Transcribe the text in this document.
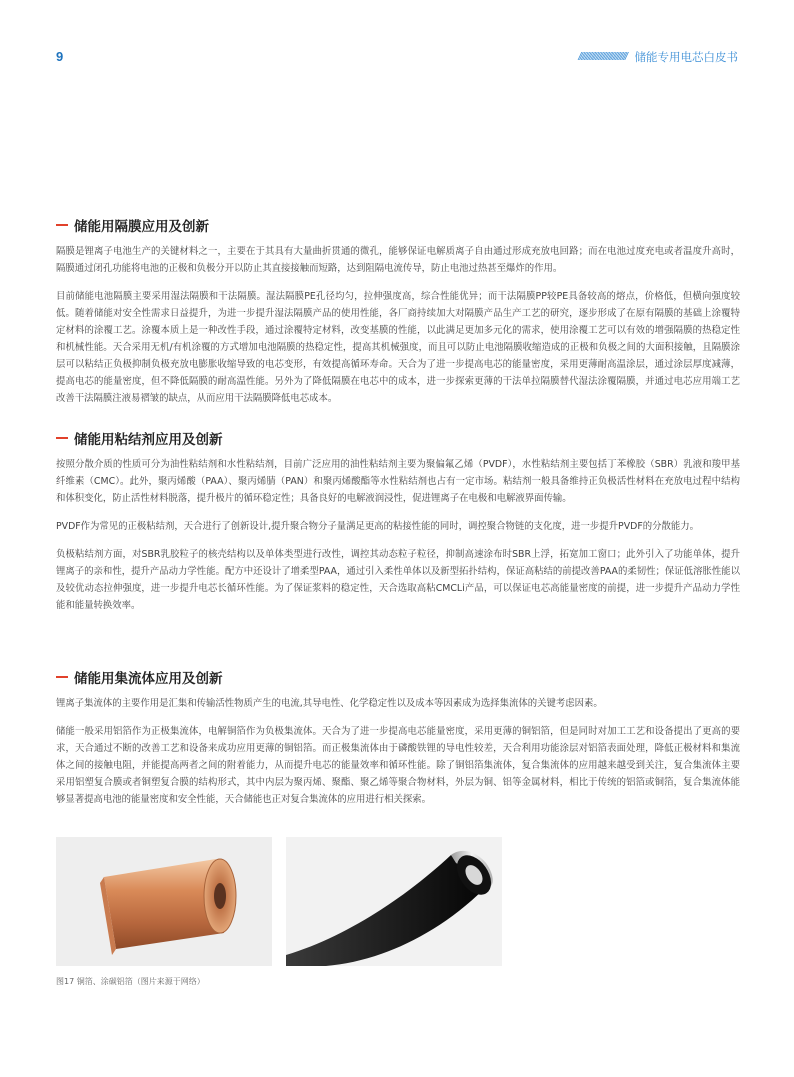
9	/////////////////////////////// 储能专用电芯白皮书
储能用隔膜应用及创新

隔膜是锂离子电池生产的关键材料之一，主要在于其具有大量曲折贯通的微孔，能够保证电解质离子自由通过形成充放电回路；而在电池过度充电或者温度升高时，隔膜通过闭孔功能将电池的正极和负极分开以防止其直接接触而短路，达到阻隔电流传导，防止电池过热甚至爆炸的作用。

目前储能电池隔膜主要采用湿法隔膜和干法隔膜。湿法隔膜PE孔径均匀，拉伸强度高，综合性能优异；而干法隔膜PP较PE具备较高的熔点，价格低，但横向强度较低。随着储能对安全性需求日益提升，为进一步提升湿法隔膜产品的使用性能，各厂商持续加大对隔膜产品生产工艺的研究，逐步形成了在原有隔膜的基础上涂覆特定材料的涂覆工艺。涂覆本质上是一种改性手段，通过涂覆特定材料，改变基膜的性能，以此满足更加多元化的需求，使用涂覆工艺可以有效的增强隔膜的热稳定性和机械性能。天合采用无机/有机涂覆的方式增加电池隔膜的热稳定性，提高其机械强度，而且可以防止电池隔膜收缩造成的正极和负极之间的大面积接触，且隔膜涂层可以粘结正负极抑制负极充放电膨胀收缩导致的电芯变形，有效提高循环寿命。天合为了进一步提高电芯的能量密度，采用更薄耐高温涂层，通过涂层厚度减薄，提高电芯的能量密度，但不降低隔膜的耐高温性能。另外为了降低隔膜在电芯中的成本，进一步探索更薄的干法单拉隔膜替代湿法涂覆隔膜，并通过电芯应用端工艺改善干法隔膜注液易褶皱的缺点，从而应用干法隔膜降低电芯成本。

储能用粘结剂应用及创新

按照分散介质的性质可分为油性粘结剂和水性粘结剂，目前广泛应用的油性粘结剂主要为聚偏氟乙烯（PVDF），水性粘结剂主要包括丁苯橡胶（SBR）乳液和羧甲基纤维素（CMC）。此外，聚丙烯酸（PAA）、聚丙烯腈（PAN）和聚丙烯酸酯等水性粘结剂也占有一定市场。粘结剂一般具备维持正负极活性材料在充放电过程中结构和体积变化，防止活性材料脱落，提升极片的循环稳定性；具备良好的电解液润浸性，促进锂离子在电极和电解液界面传输。

PVDF作为常见的正极粘结剂，天合进行了创新设计,提升聚合物分子量满足更高的粘接性能的同时，调控聚合物链的支化度，进一步提升PVDF的分散能力。

负极粘结剂方面，对SBR乳胶粒子的核壳结构以及单体类型进行改性，调控其动态粒子粒径，抑制高速涂布时SBR上浮，拓宽加工窗口；此外引入了功能单体，提升锂离子的亲和性，提升产品动力学性能。配方中还设计了增柔型PAA，通过引入柔性单体以及新型拓扑结构，保证高粘结的前提改善PAA的柔韧性；保证低溶胀性能以及较优动态拉伸强度，进一步提升电芯长循环性能。为了保证浆料的稳定性，天合选取高粘CMCLi产品，可以保证电芯高能量密度的前提，进一步提升产品动力学性能和能量转换效率。

储能用集流体应用及创新

锂离子集流体的主要作用是汇集和传输活性物质产生的电流,其导电性、化学稳定性以及成本等因素成为选择集流体的关键考虑因素。

储能一般采用铝箔作为正极集流体，电解铜箔作为负极集流体。天合为了进一步提高电芯能量密度，采用更薄的铜铝箔，但是同时对加工工艺和设备提出了更高的要求，天合通过不断的改善工艺和设备来成功应用更薄的铜铝箔。而正极集流体由于磷酸铁锂的导电性较差，天合利用功能涂层对铝箔表面处理，降低正极材料和集流体之间的接触电阻，并能提高两者之间的附着能力，从而提升电芯的能量效率和循环性能。除了铜铝箔集流体，复合集流体的应用越来越受到关注，复合集流体主要采用铝塑复合膜或者铜塑复合膜的结构形式，其中内层为聚丙烯、聚酯、聚乙烯等聚合物材料，外层为铜、铝等金属材料，相比于传统的铝箔或铜箔，复合集流体能够显著提高电池的能量密度和安全性能，天合储能也正对复合集流体的应用进行相关探索。

图17 铜箔、涂碳铝箔（图片来源于网络）
